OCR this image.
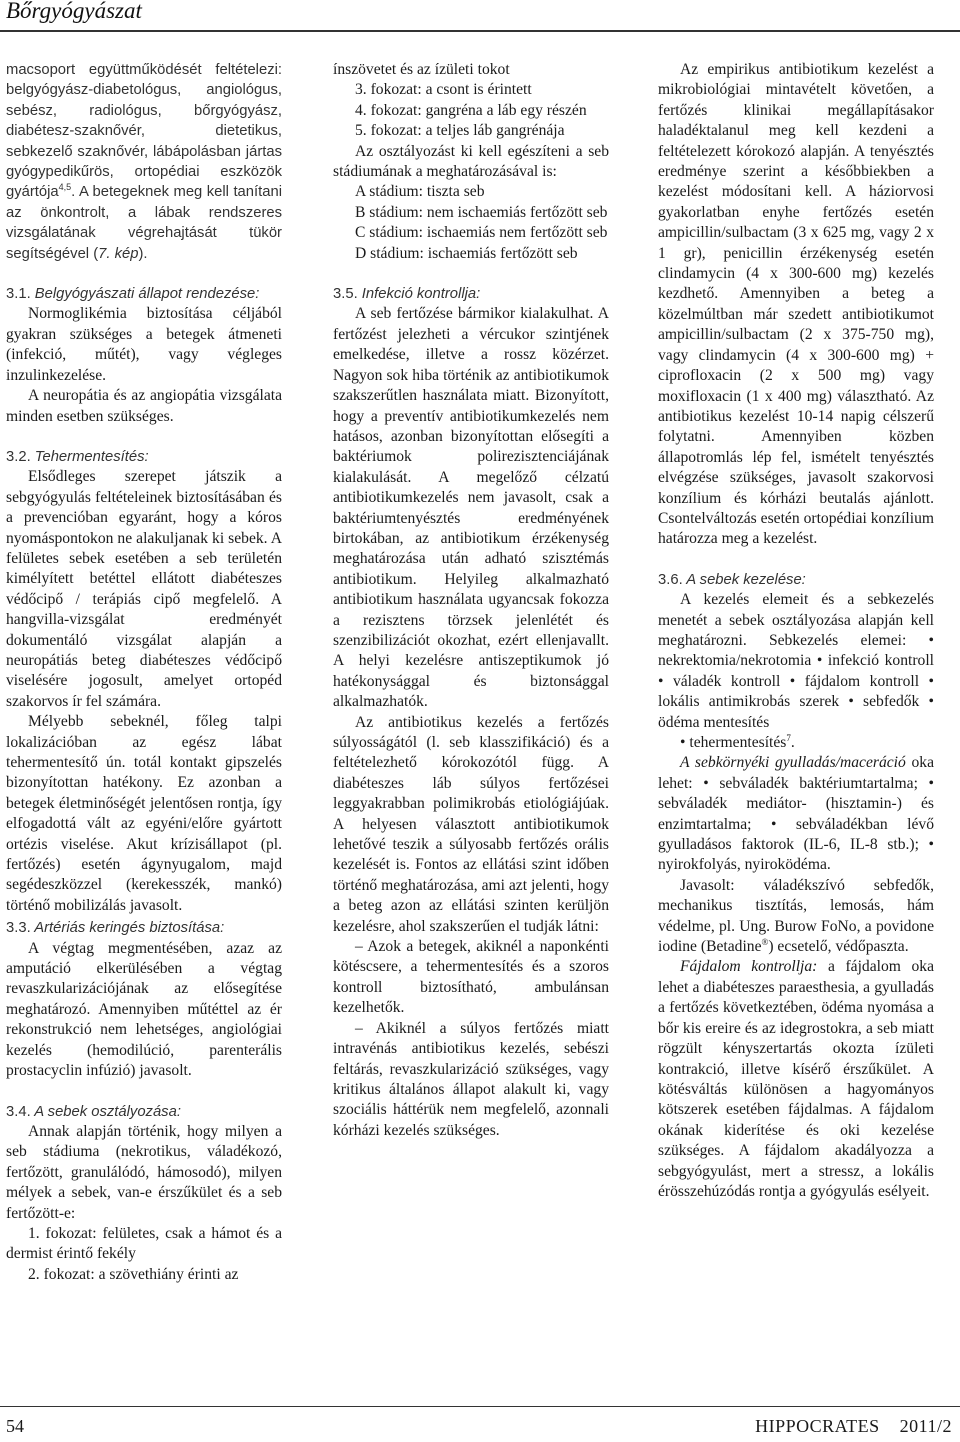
Bőrgyógyászat

macsoport együttműködését feltételezi: belgyógyász-diabetológus, angiológus, sebész, radiológus, bőrgyógyász, diabétesz-szaknővér, dietetikus, sebkezelő szaknővér, lábápolásban jártas gyógypedikűrös, ortopédiai eszközök gyártója$^{4,5}$. A betegeknek meg kell tanítani az önkontrolt, a lábak rendszeres vizsgálatának végrehajtását tükör segítségével (7. kép).

3.1. Belgyógyászati állapot rendezése:

Normoglikémia biztosítása céljából gyakran szükséges a betegek átmeneti (infekció, műtét), vagy végleges inzulinkezelése.

A neuropátia és az angiopátia vizsgálata minden esetben szükséges.

3.2. Tehermentesítés:

Elsődleges szerepet játszik a sebgyógyulás feltételeinek biztosításában és a prevencióban egyaránt, hogy a kóros nyomáspontokon ne alakuljanak ki sebek. A felületes sebek esetében a seb területén kimélyített betéttel ellátott diabéteszes védőcipő / terápiás cipő megfelelő. A hangvilla-vizsgálat eredményét dokumentáló vizsgálat alapján a neuropátiás beteg diabéteszes védőcipő viselésére jogosult, amelyet ortopéd szakorvos ír fel számára.

Mélyebb sebeknél, főleg talpi lokalizációban az egész lábat tehermentesítő ún. totál kontakt gipszelés bizonyítottan hatékony. Ez azonban a betegek életminőségét jelentősen rontja, így elfogadottá vált az egyéni/előre gyártott ortézis viselése. Akut krízisállapot (pl. fertőzés) esetén ágynyugalom, majd segédeszközzel (kerekesszék, mankó) történő mobilizálás javasolt.

3.3. Artériás keringés biztosítása:

A végtag megmentésében, azaz az amputáció elkerülésében a végtag revaszkularizációjának az elősegítése meghatározó. Amennyiben műtéttel az ér rekonstrukció nem lehetséges, angiológiai kezelés (hemodilúció, parenterális prostacyclin infúzió) javasolt.

3.4. A sebek osztályozása:

Annak alapján történik, hogy milyen a seb stádiuma (nekrotikus, váladékozó, fertőzött, granulálódó, hámosodó), milyen mélyek a sebek, van-e érszűkület és a seb fertőzött-e:

1. fokozat: felületes, csak a hámot és a dermist érintő fekély

2. fokozat: a szövethiány érinti az

ínszövetet és az ízületi tokot

3. fokozat: a csont is érintett

4. fokozat: gangréna a láb egy részén

5. fokozat: a teljes láb gangrénája

Az osztályozást ki kell egészíteni a seb stádiumának a meghatározásával is:

A stádium: tiszta seb

B stádium: nem ischaemiás fertőzött seb

C stádium: ischaemiás nem fertőzött seb

D stádium: ischaemiás fertőzött seb

3.5. Infekció kontrollja:

A seb fertőzése bármikor kialakulhat. A fertőzést jelezheti a vércukor szintjének emelkedése, illetve a rossz közérzet. Nagyon sok hiba történik az antibiotikumok szakszerűtlen használata miatt. Bizonyított, hogy a preventív antibiotikumkezelés nem hatásos, azonban bizonyítottan elősegíti a baktériumok polirezisztenciájának kialakulását. A megelőző célzatú antibiotikumkezelés nem javasolt, csak a baktériumtenyésztés eredményének birtokában, az antibiotikum érzékenység meghatározása után adható szisztémás antibiotikum. Helyileg alkalmazható antibiotikum használata ugyancsak fokozza a rezisztens törzsek jelenlétét és szenzibilizációt okozhat, ezért ellenjavallt. A helyi kezelésre antiszeptikumok jó hatékonysággal és biztonsággal alkalmazhatók.

Az antibiotikus kezelés a fertőzés súlyosságától (l. seb klasszifikáció) és a feltételezhető kórokozótól függ. A diabéteszes láb súlyos fertőzései leggyakrabban polimikrobás etiológiájúak. A helyesen választott antibiotikumok lehetővé teszik a súlyosabb fertőzés orális kezelését is. Fontos az ellátási szint időben történő meghatározása, ami azt jelenti, hogy a beteg azon az ellátási szinten kerüljön kezelésre, ahol szakszerűen el tudják látni:

– Azok a betegek, akiknél a naponkénti kötéscsere, a tehermentesítés és a szoros kontroll biztosítható, ambulánsan kezelhetők.

– Akiknél a súlyos fertőzés miatt intravénás antibiotikus kezelés, sebészi feltárás, revaszkularizáció szükséges, vagy kritikus általános állapot alakult ki, vagy szociális háttérük nem megfelelő, azonnali kórházi kezelés szükséges.

Az empirikus antibiotikum kezelést a mikrobiológiai mintavételt követően, a fertőzés klinikai megállapításakor haladéktalanul meg kell kezdeni a feltételezett kórokozó alapján. A tenyésztés eredménye szerint a későbbiekben a kezelést módosítani kell. A háziorvosi gyakorlatban enyhe fertőzés esetén ampicillin/sulbactam (3 x 625 mg, vagy 2 x 1 gr), penicillin érzékenység esetén clindamycin (4 x 300-600 mg) kezelés kezdhető. Amennyiben a beteg a közelmúltban már szedett antibiotikumot ampicillin/sulbactam (2 x 375-750 mg), vagy clindamycin (4 x 300-600 mg) + ciprofloxacin (2 x 500 mg) vagy moxifloxacin (1 x 400 mg) választható. Az antibiotikus kezelést 10-14 napig célszerű folytatni. Amennyiben közben állapotromlás lép fel, ismételt tenyésztés elvégzése szükséges, javasolt szakorvosi konzílium és kórházi beutalás ajánlott. Csontelváltozás esetén ortopédiai konzílium határozza meg a kezelést.

3.6. A sebek kezelése:

A kezelés elemeit és a sebkezelés menetét a sebek osztályozása alapján kell meghatározni. Sebkezelés elemei: • nekrektomia/nekrotomia • infekció kontroll • váladék kontroll • fájdalom kontroll • lokális antimikrobás szerek • sebfedők • ödéma mentesítés

• tehermentesítés$^7$.

A sebkörnyéki gyulladás/maceráció oka lehet: • sebváladék baktériumtartalma; • sebváladék mediátor- (hisztamin-) és enzimtartalma; • sebváladékban lévő gyulladásos faktorok (IL-6, IL-8 stb.); • nyirokfolyás, nyiroködéma.

Javasolt: váladékszívó sebfedők, mechanikus tisztítás, lemosás, hám védelme, pl. Ung. Burow FoNo, a povidone iodine (Betadine®) ecsetelő, védőpaszta.

Fájdalom kontrollja: a fájdalom oka lehet a diabéteszes paraesthesia, a gyulladás a fertőzés következtében, ödéma nyomása a bőr kis ereire és az idegrostokra, a seb miatt rögzült kényszertartás okozta ízületi kontrakció, illetve kísérő érszűkület. A kötésváltás különösen a hagyományos kötszerek esetében fájdalmas. A fájdalom okának kiderítése és oki kezelése szükséges. A fájdalom akadályozza a sebgyógyulást, mert a stressz, a lokális érösszehúzódás rontja a gyógyulás esélyeit.

54	HIPPOCRATES 2011/2
